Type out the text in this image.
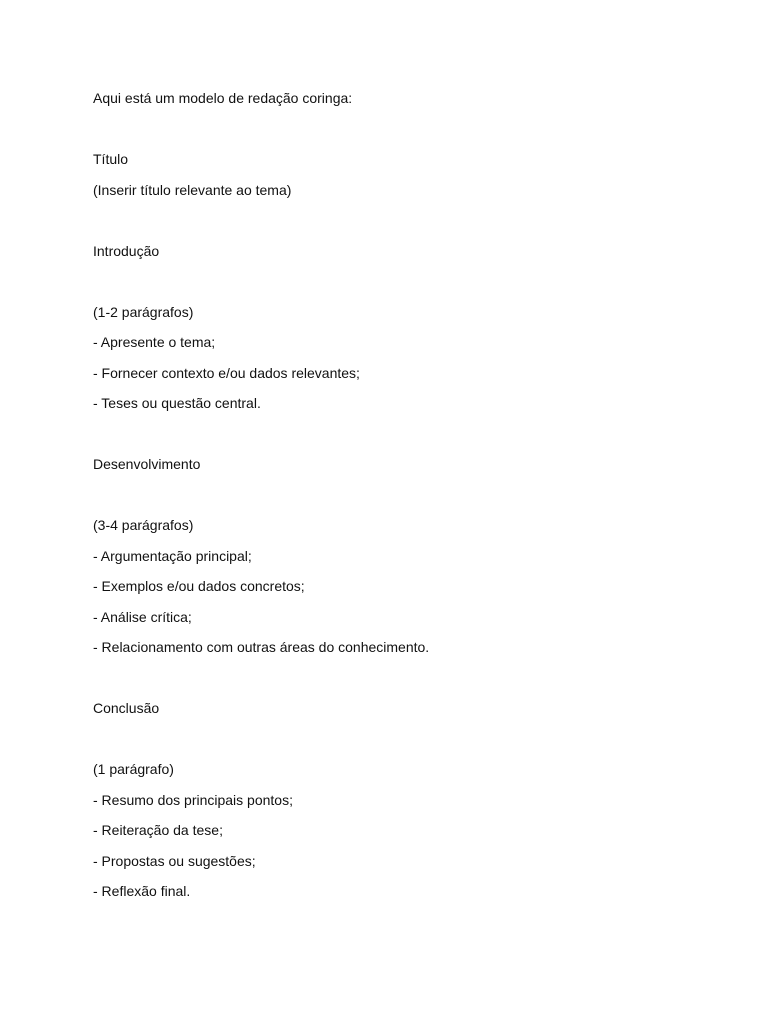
Aqui está um modelo de redação coringa:

Título

(Inserir título relevante ao tema)

Introdução

(1-2 parágrafos)

- Apresente o tema;

- Fornecer contexto e/ou dados relevantes;

- Teses ou questão central.

Desenvolvimento

(3-4 parágrafos)

- Argumentação principal;

- Exemplos e/ou dados concretos;

- Análise crítica;

- Relacionamento com outras áreas do conhecimento.

Conclusão

(1 parágrafo)

- Resumo dos principais pontos;

- Reiteração da tese;

- Propostas ou sugestões;

- Reflexão final.
